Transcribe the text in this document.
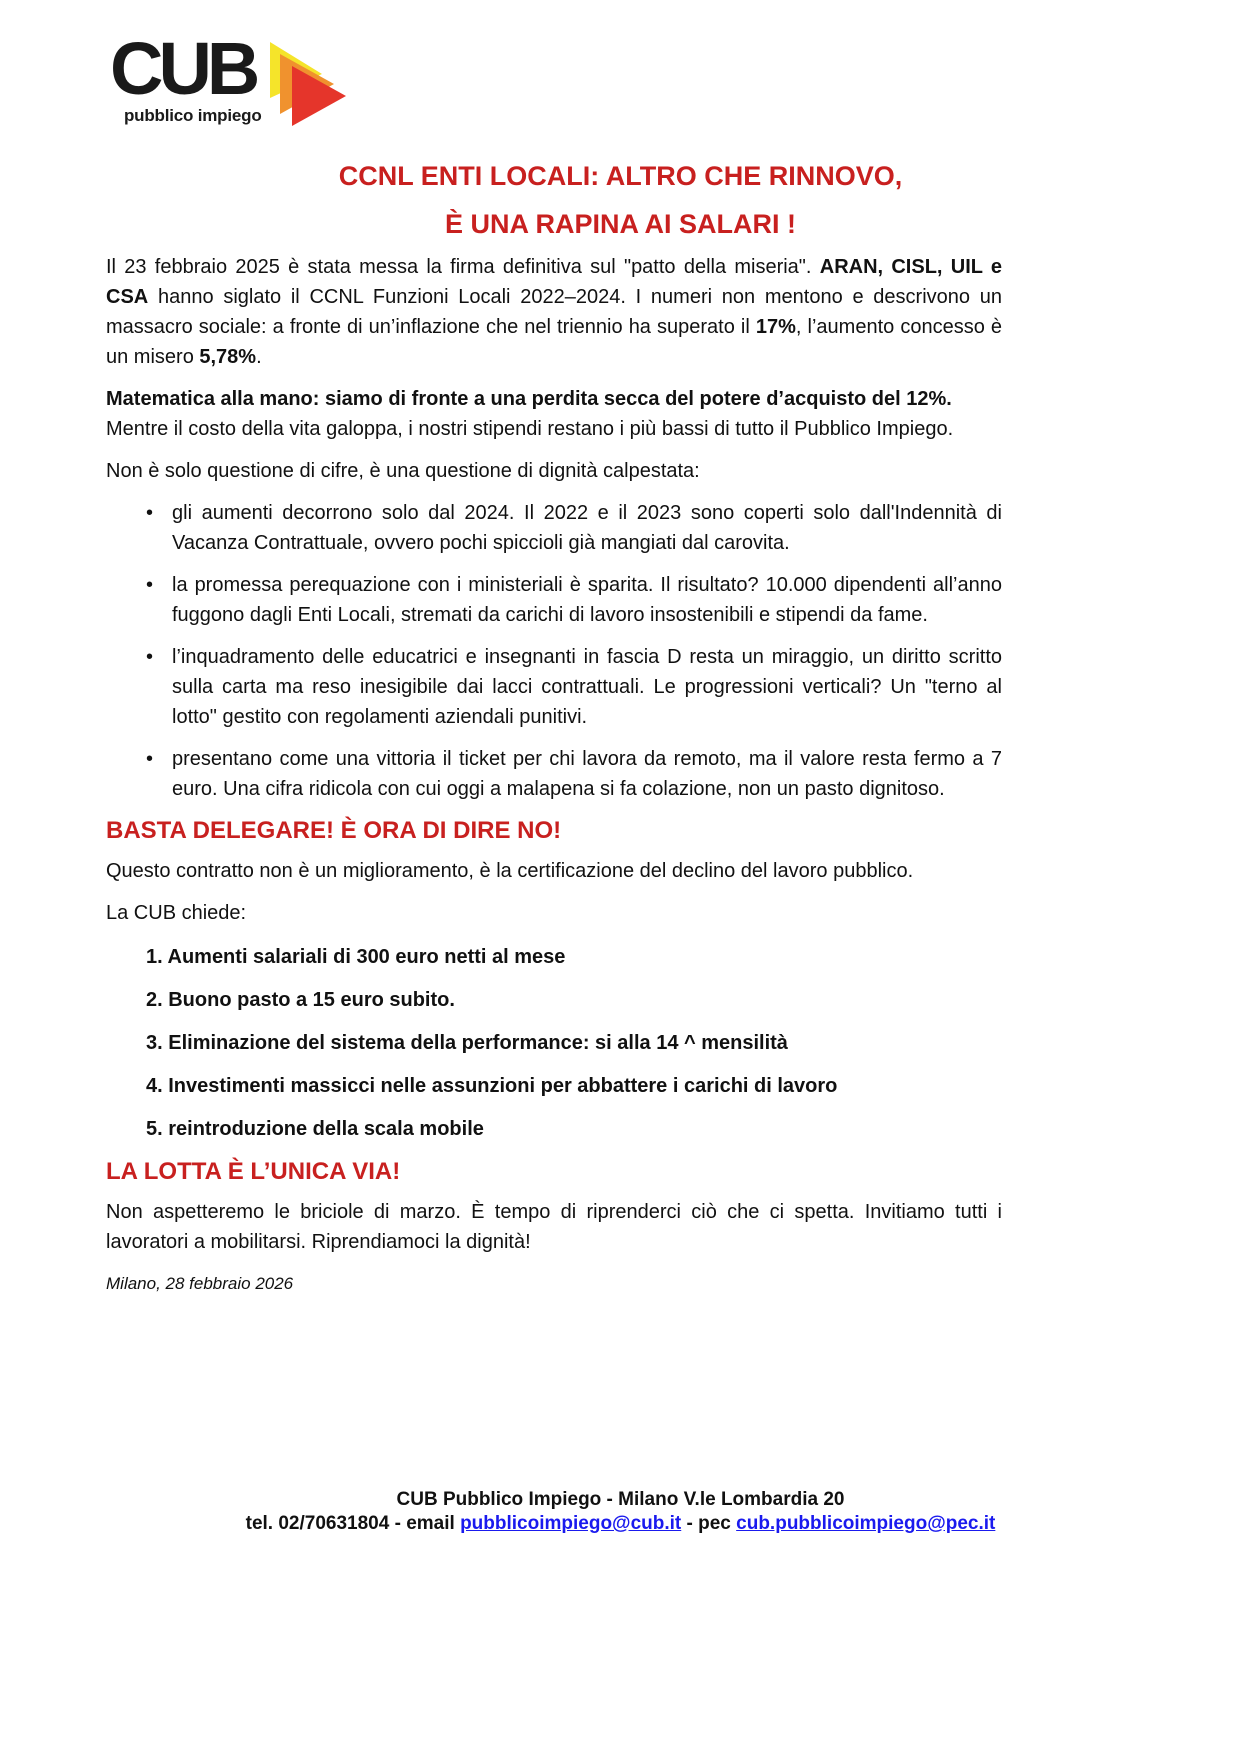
CUB
pubblico impiego
CCNL ENTI LOCALI: ALTRO CHE RINNOVO,
È UNA RAPINA AI SALARI !

Il 23 febbraio 2025 è stata messa la firma definitiva sul "patto della miseria". ARAN, CISL, UIL e CSA hanno siglato il CCNL Funzioni Locali 2022–2024. I numeri non mentono e descrivono un massacro sociale: a fronte di un’inflazione che nel triennio ha superato il 17%, l’aumento concesso è un misero 5,78%.

Matematica alla mano: siamo di fronte a una perdita secca del potere d’acquisto del 12%. Mentre il costo della vita galoppa, i nostri stipendi restano i più bassi di tutto il Pubblico Impiego.

Non è solo questione di cifre, è una questione di dignità calpestata:

• gli aumenti decorrono solo dal 2024. Il 2022 e il 2023 sono coperti solo dall'Indennità di Vacanza Contrattuale, ovvero pochi spiccioli già mangiati dal carovita.
• la promessa perequazione con i ministeriali è sparita. Il risultato? 10.000 dipendenti all’anno fuggono dagli Enti Locali, stremati da carichi di lavoro insostenibili e stipendi da fame.
• l’inquadramento delle educatrici e insegnanti in fascia D resta un miraggio, un diritto scritto sulla carta ma reso inesigibile dai lacci contrattuali. Le progressioni verticali? Un "terno al lotto" gestito con regolamenti aziendali punitivi.
• presentano come una vittoria il ticket per chi lavora da remoto, ma il valore resta fermo a 7 euro. Una cifra ridicola con cui oggi a malapena si fa colazione, non un pasto dignitoso.
BASTA DELEGARE! È ORA DI DIRE NO!

Questo contratto non è un miglioramento, è la certificazione del declino del lavoro pubblico.

La CUB chiede:

1. Aumenti salariali di 300 euro netti al mese
2. Buono pasto a 15 euro subito.
3. Eliminazione del sistema della performance: si alla 14 ^ mensilità
4. Investimenti massicci nelle assunzioni per abbattere i carichi di lavoro
5. reintroduzione della scala mobile
LA LOTTA È L’UNICA VIA!

Non aspetteremo le briciole di marzo. È tempo di riprenderci ciò che ci spetta. Invitiamo tutti i lavoratori a mobilitarsi. Riprendiamoci la dignità!

Milano, 28 febbraio 2026
CUB Pubblico Impiego - Milano V.le Lombardia 20
tel. 02/70631804 - email pubblicoimpiego@cub.it - pec cub.pubblicoimpiego@pec.it
